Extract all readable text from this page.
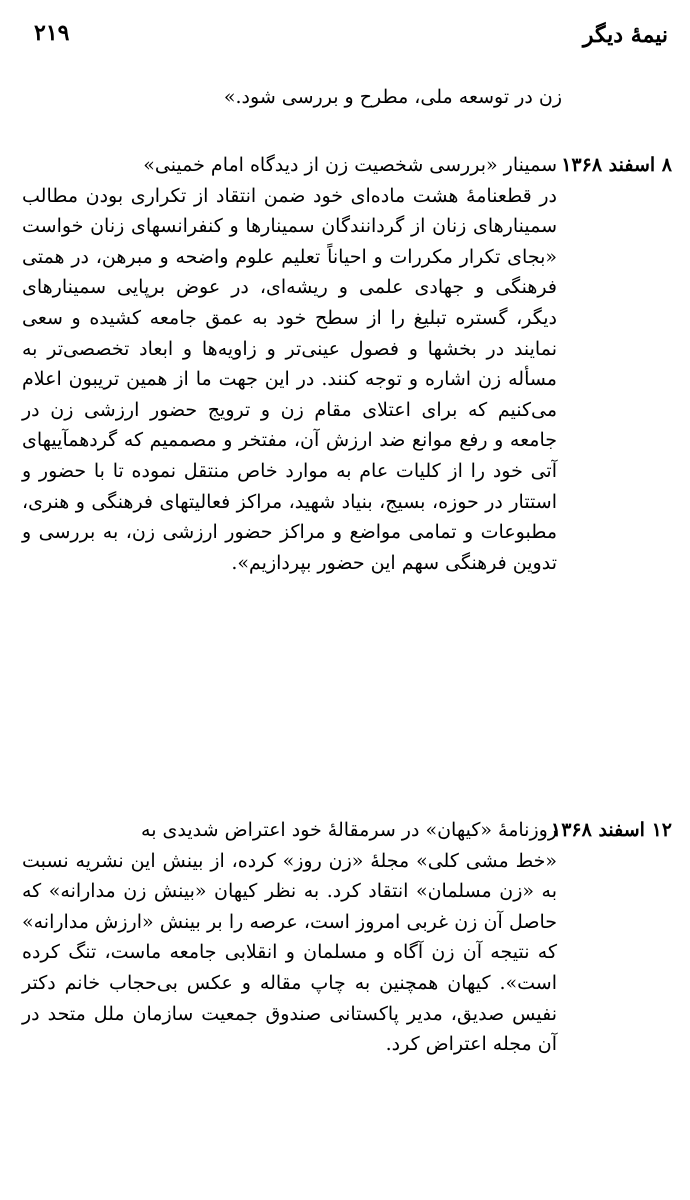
نیمهٔ دیگر
۲۱۹
زن در توسعه ملی، مطرح و بررسی شود.»
۸ اسفند ۱۳۶۸سمینار «بررسی شخصیت زن از دیدگاه امام خمینی»
در قطعنامهٔ هشت ماده‌ای خود ضمن انتقاد از تکراری بودن مطالب سمینارهای زنان از گردانندگان سمینارها و کنفرانسهای زنان خواست «بجای تکرار مکررات و احیاناً تعلیم علوم واضحه و مبرهن، در همتی فرهنگی و جهادی علمی و ریشه‌ای، در عوض برپایی سمینارهای دیگر، گستره تبلیغ را از سطح خود به عمق جامعه کشیده و سعی نمایند در بخشها و فصول عینی‌تر و زاویه‌ها و ابعاد تخصصی‌تر به مسأله زن اشاره و توجه کنند. در این جهت ما از همین تریبون اعلام می‌کنیم که برای اعتلای مقام زن و ترویج حضور ارزشی زن در جامعه و رفع موانع ضد ارزش آن، مفتخر و مصممیم که گردهمآییهای آتی خود را از کلیات عام به موارد خاص منتقل نموده تا با حضور و استتار در حوزه، بسیج، بنیاد شهید، مراکز فعالیتهای فرهنگی و هنری، مطبوعات و تمامی مواضع و مراکز حضور ارزشی زن، به بررسی و تدوین فرهنگی سهم این حضور بپردازیم».
۱۲ اسفند ۱۳۶۸روزنامهٔ «کیهان» در سرمقالهٔ خود اعتراض شدیدی به
«خط مشی کلی» مجلهٔ «زن روز» کرده، از بینش این نشریه نسبت به «زن مسلمان» انتقاد کرد. به نظر کیهان «بینش زن مدارانه» که حاصل آن زن غربی امروز است، عرصه را بر بینش «ارزش مدارانه» که نتیجه آن زن آگاه و مسلمان و انقلابی جامعه ماست، تنگ کرده است». کیهان همچنین به چاپ مقاله و عکس بی‌حجاب خانم دکتر نفیس صدیق، مدیر پاکستانی صندوق جمعیت سازمان ملل متحد در آن مجله اعتراض کرد.
